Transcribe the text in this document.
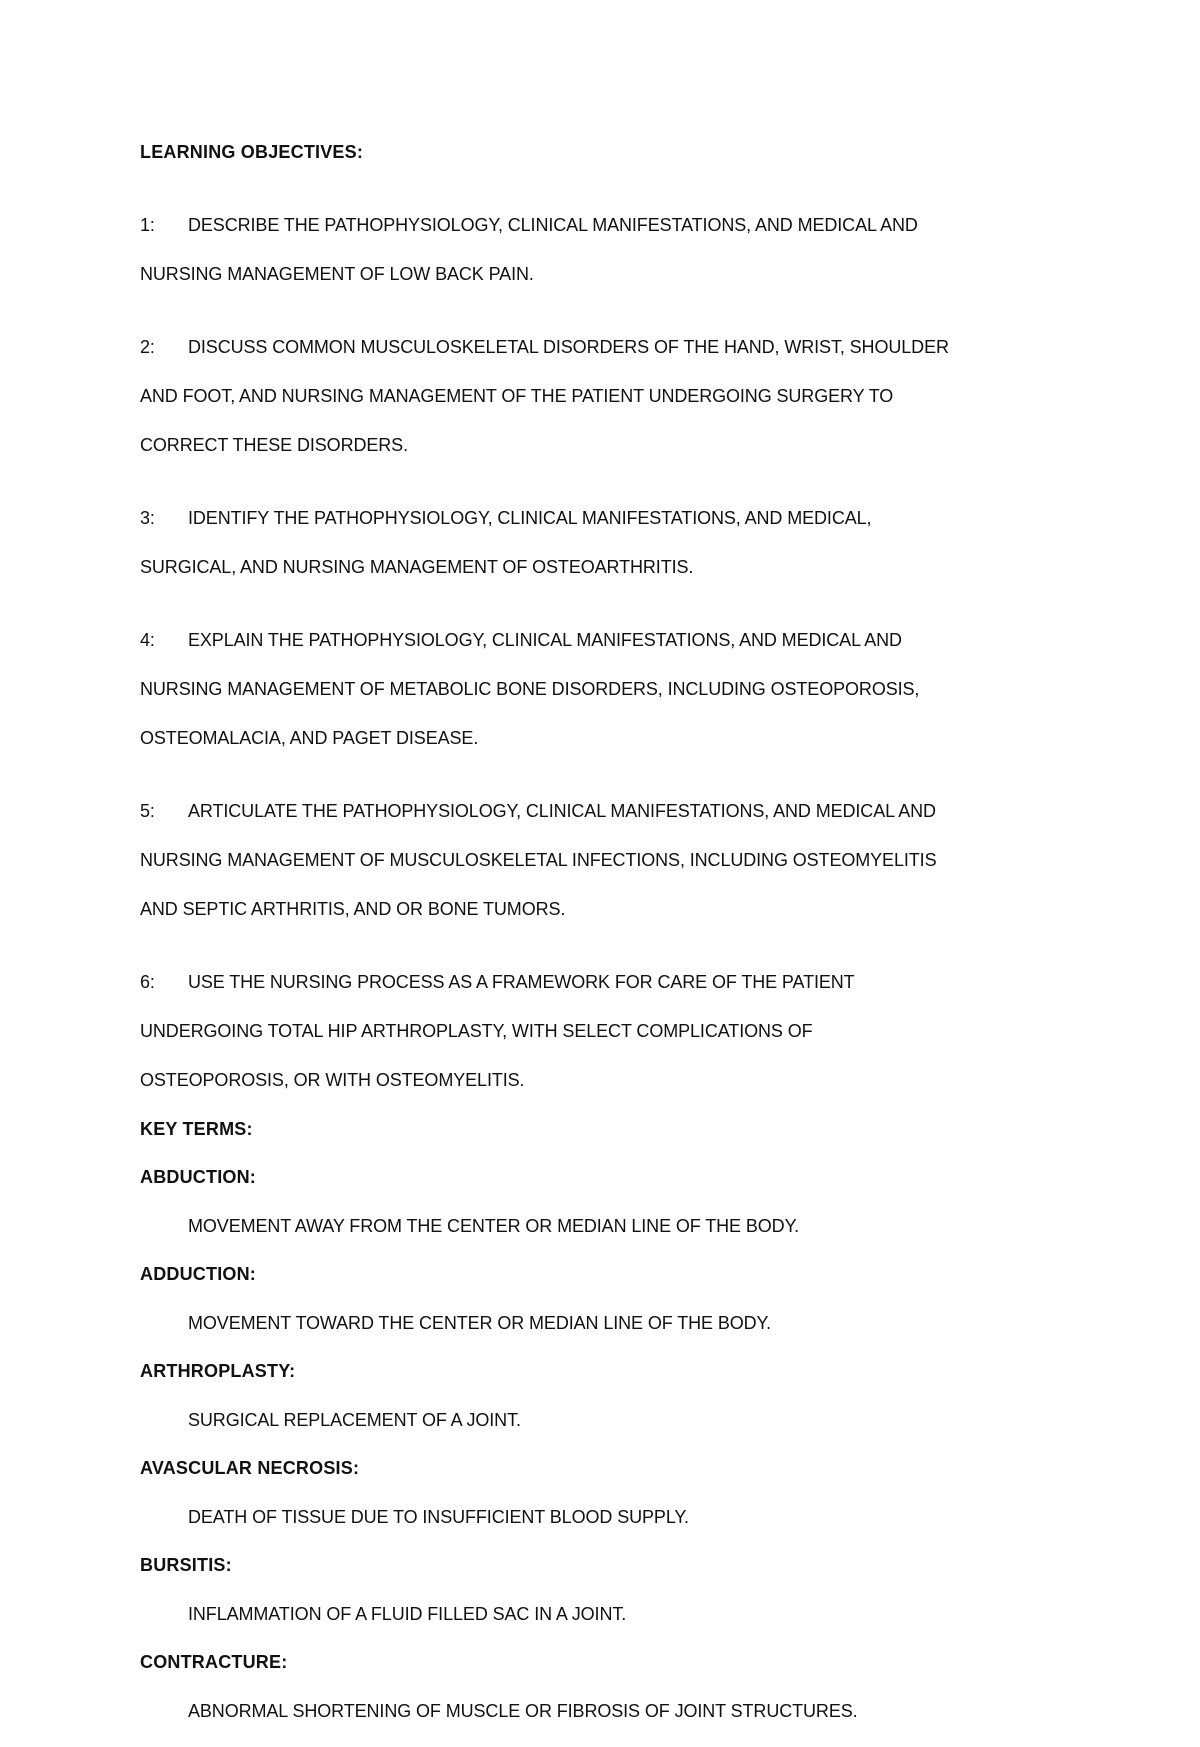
LEARNING OBJECTIVES:

1: DESCRIBE THE PATHOPHYSIOLOGY, CLINICAL MANIFESTATIONS, AND MEDICAL AND

NURSING MANAGEMENT OF LOW BACK PAIN.

2: DISCUSS COMMON MUSCULOSKELETAL DISORDERS OF THE HAND, WRIST, SHOULDER

AND FOOT, AND NURSING MANAGEMENT OF THE PATIENT UNDERGOING SURGERY TO

CORRECT THESE DISORDERS.

3: IDENTIFY THE PATHOPHYSIOLOGY, CLINICAL MANIFESTATIONS, AND MEDICAL,

SURGICAL, AND NURSING MANAGEMENT OF OSTEOARTHRITIS.

4: EXPLAIN THE PATHOPHYSIOLOGY, CLINICAL MANIFESTATIONS, AND MEDICAL AND

NURSING MANAGEMENT OF METABOLIC BONE DISORDERS, INCLUDING OSTEOPOROSIS,

OSTEOMALACIA, AND PAGET DISEASE.

5: ARTICULATE THE PATHOPHYSIOLOGY, CLINICAL MANIFESTATIONS, AND MEDICAL AND

NURSING MANAGEMENT OF MUSCULOSKELETAL INFECTIONS, INCLUDING OSTEOMYELITIS

AND SEPTIC ARTHRITIS, AND OR BONE TUMORS.

6: USE THE NURSING PROCESS AS A FRAMEWORK FOR CARE OF THE PATIENT

UNDERGOING TOTAL HIP ARTHROPLASTY, WITH SELECT COMPLICATIONS OF

OSTEOPOROSIS, OR WITH OSTEOMYELITIS.

KEY TERMS:
ABDUCTION:
MOVEMENT AWAY FROM THE CENTER OR MEDIAN LINE OF THE BODY.
ADDUCTION:
MOVEMENT TOWARD THE CENTER OR MEDIAN LINE OF THE BODY.
ARTHROPLASTY:
SURGICAL REPLACEMENT OF A JOINT.
AVASCULAR NECROSIS:
DEATH OF TISSUE DUE TO INSUFFICIENT BLOOD SUPPLY.
BURSITIS:
INFLAMMATION OF A FLUID FILLED SAC IN A JOINT.
CONTRACTURE:
ABNORMAL SHORTENING OF MUSCLE OR FIBROSIS OF JOINT STRUCTURES.
